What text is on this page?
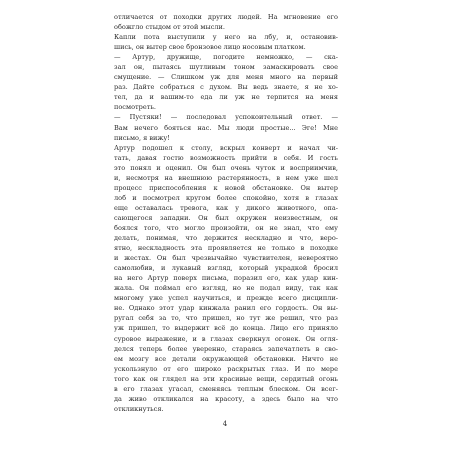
отличается от походки других людей. На мгновение его
обожгло стыдом от этой мысли.
Капли пота выступили у него на лбу, и, остановив-
шись, он вытер свое бронзовое лицо носовым платком.
— Артур, дружище, погодите немножко, — ска-
зал он, пытаясь шутливым тоном замаскировать свое
смущение. — Слишком уж для меня много на первый
раз. Дайте собраться с духом. Вы ведь знаете, я не хо-
тел, да и вашим-то еда ли уж не терпится на меня
посмотреть.
— Пустяки! — последовал успокоительный ответ. —
Вам нечего бояться нас. Мы люди простые... Эге! Мне
письмо, я вижу!
Артур подошел к столу, вскрыл конверт и начал чи-
тать, давая гостю возможность прийти в себя. И гость
это понял и оценил. Он был очень чуток и восприимчив,
и, несмотря на внешнюю растерянность, в нем уже шел
процесс приспособления к новой обстановке. Он вытер
лоб и посмотрел кругом более спокойно, хотя в глазах
еще оставалась тревога, как у дикого животного, опа-
сающегося западни. Он был окружен неизвестным, он
боялся того, что могло произойти, он не знал, что ему
делать, понимая, что держится нескладно и что, веро-
ятно, нескладность эта проявляется не только в походке
и жестах. Он был чрезвычайно чувствителен, невероятно
самолюбив, и лукавый взгляд, который украдкой бросил
на него Артур поверх письма, поразил его, как удар кин-
жала. Он поймал его взгляд, но не подал виду, так как
многому уже успел научиться, и прежде всего дисципли-
не. Однако этот удар кинжала ранил его гордость. Он вы-
ругал себя за то, что пришел, но тут же решил, что раз
уж пришел, то выдержит всё до конца. Лицо его приняло
суровое выражение, и в глазах сверкнул огонек. Он огля-
делся теперь более уверенно, стараясь запечатлеть в сво-
ем мозгу все детали окружающей обстановки. Ничто не
ускользнуло от его широко раскрытых глаз. И по мере
того как он глядел на эти красивые вещи, сердитый огонь
в его глазах угасал, сменяясь теплым блеском. Он всег-
да живо откликался на красоту, а здесь было на что
откликнуться.
4
